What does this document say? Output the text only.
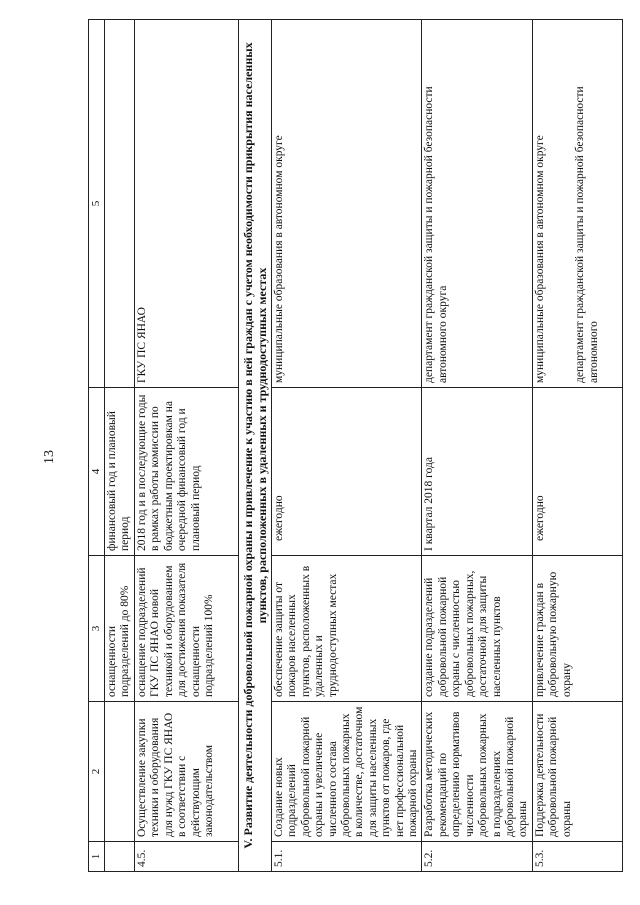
13
1	2	3	4	5
		оснащенности подразделений до 80%	финансовый год и плановый период	
4.5.	Осуществление закупки техники и оборудования для нужд ГКУ ПС ЯНАО в соответствии с действующим законодательством	оснащение подразделений ГКУ ПС ЯНАО новой техникой и оборудованием для достижения показателя оснащенности подразделений 100%	2018 год и в последующие годы в рамках работы комиссии по бюджетным проектировкам на очередной финансовый год и плановый период	ГКУ ПС ЯНАО
V. Развитие деятельности добровольной пожарной охраны и привлечение к участию в ней граждан с учетом необходимости прикрытия населенных пунктов, расположенных в удаленных и труднодоступных местах				
5.1.	Создание новых подразделений добровольной пожарной охраны и увеличение численного состава добровольных пожарных в количестве, достаточном для защиты населенных пунктов от пожаров, где нет профессиональной пожарной охраны	обеспечение защиты от пожаров населенных пунктов, расположенных в удаленных и труднодоступных местах	ежегодно	муниципальные образования в автономном округе
5.2.	Разработка методических рекомендаций по определению нормативов численности добровольных пожарных в подразделениях добровольной пожарной охраны	создание подразделений добровольной пожарной охраны с численностью добровольных пожарных, достаточной для защиты населенных пунктов	I квартал 2018 года	департамент гражданской защиты и пожарной безопасности автономного округа
5.3.	Поддержка деятельности добровольной пожарной охраны	привлечение граждан в добровольную пожарную охрану	ежегодно	муниципальные образования в автономном округе департамент гражданской защиты и пожарной безопасности автономного
